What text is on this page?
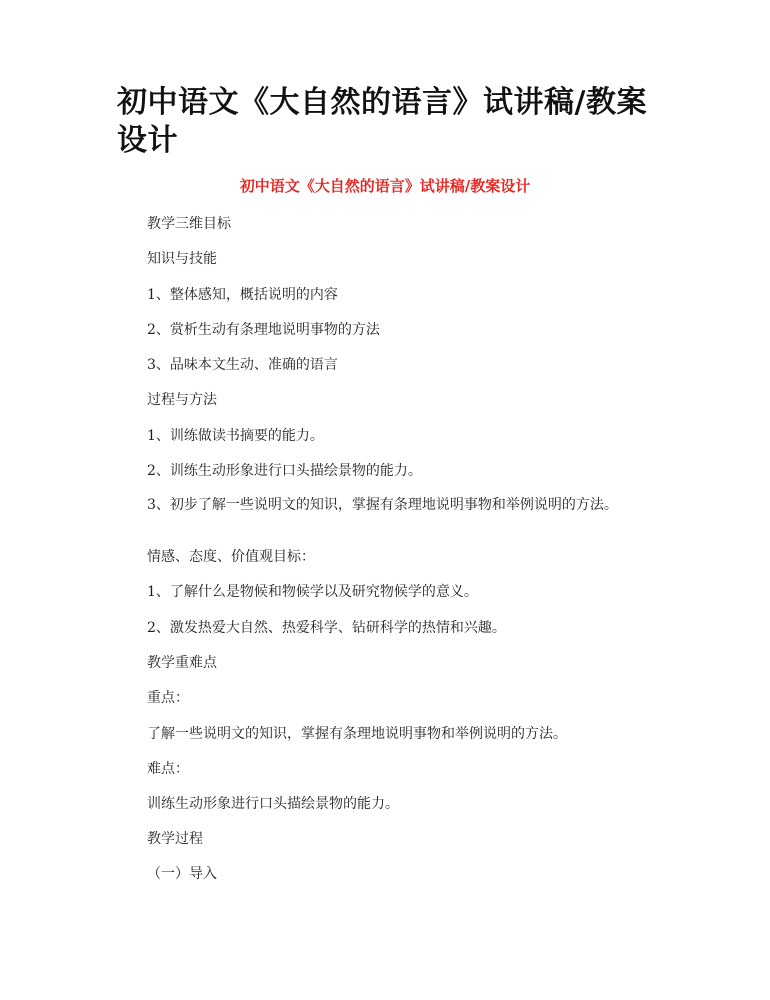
初中语文《大自然的语言》试讲稿/教案设计
初中语文《大自然的语言》试讲稿/教案设计

教学三维目标

知识与技能

1、整体感知，概括说明的内容

2、赏析生动有条理地说明事物的方法

3、品味本文生动、准确的语言

过程与方法

1、训练做读书摘要的能力。

2、训练生动形象进行口头描绘景物的能力。

3、初步了解一些说明文的知识，掌握有条理地说明事物和举例说明的方法。

情感、态度、价值观目标：

1、了解什么是物候和物候学以及研究物候学的意义。

2、激发热爱大自然、热爱科学、钻研科学的热情和兴趣。

教学重难点

重点：

了解一些说明文的知识，掌握有条理地说明事物和举例说明的方法。

难点：

训练生动形象进行口头描绘景物的能力。

教学过程

（一）导入
